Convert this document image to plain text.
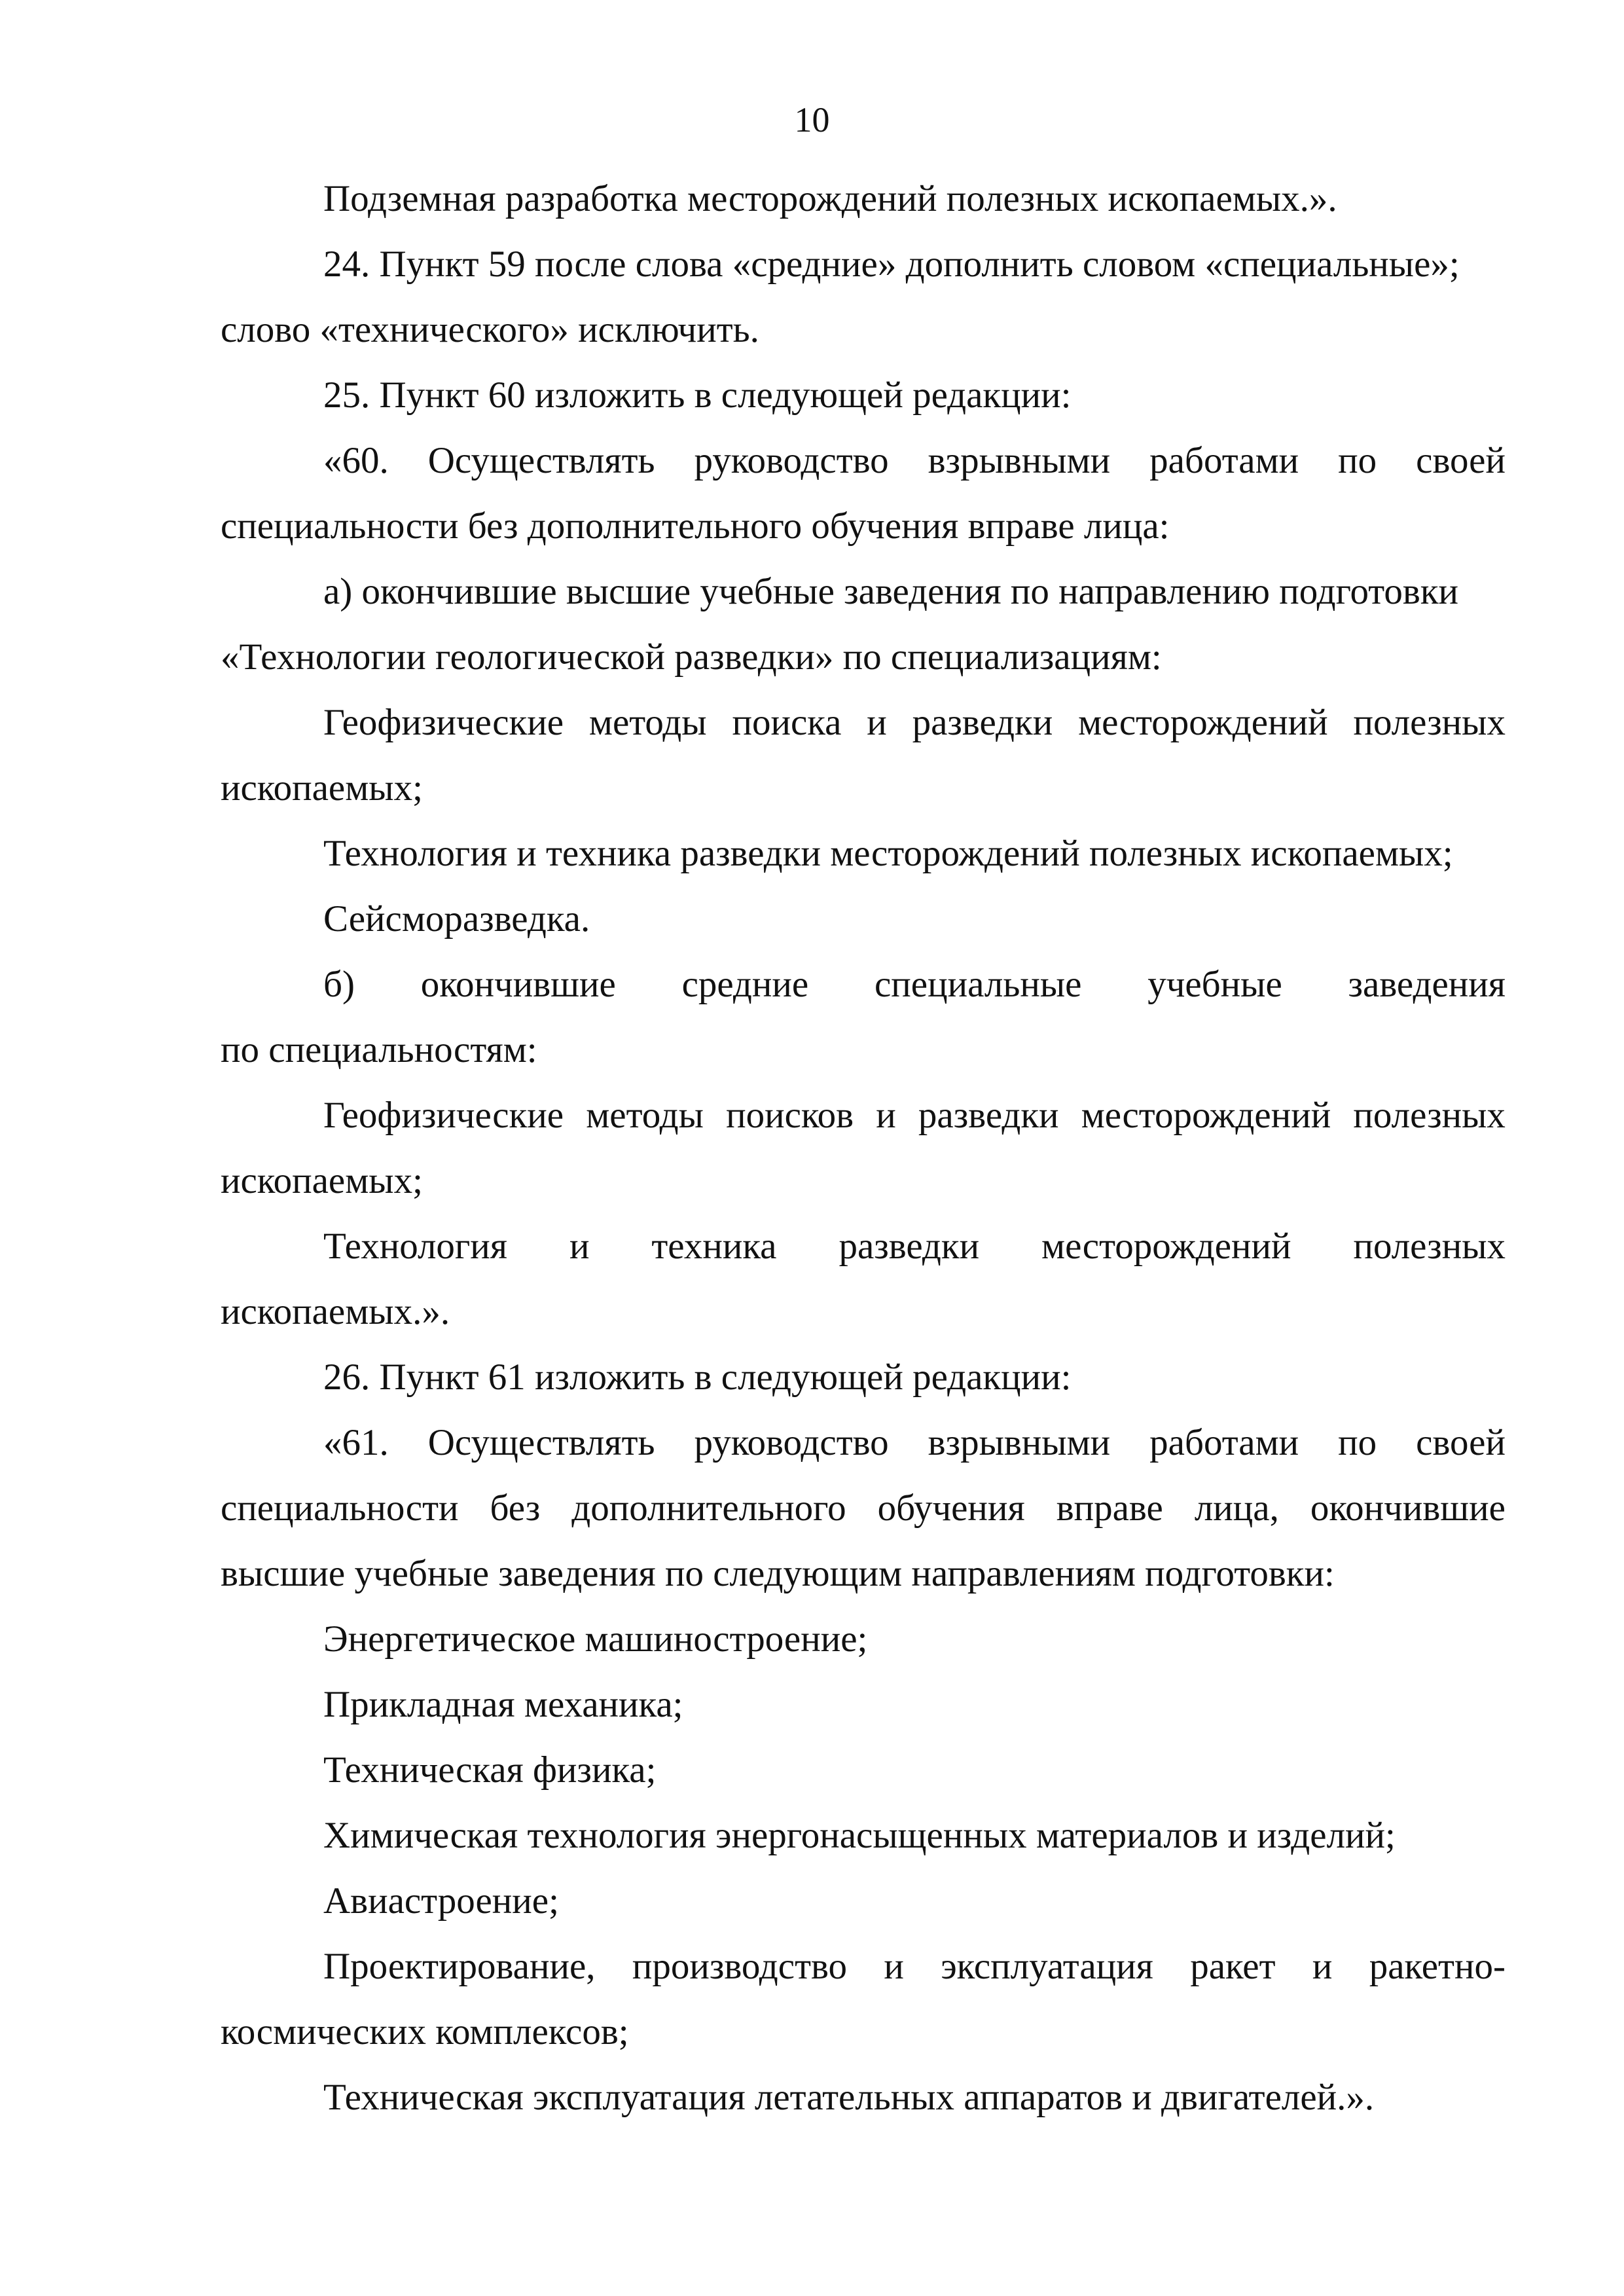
10
Подземная разработка месторождений полезных ископаемых.».
24. Пункт 59 после слова «средние» дополнить словом «специальные»;
слово «технического» исключить.
25. Пункт 60 изложить в следующей редакции:
«60. Осуществлять руководство взрывными работами по своей
специальности без дополнительного обучения вправе лица:
а) окончившие высшие учебные заведения по направлению подготовки
«Технологии геологической разведки» по специализациям:
Геофизические методы поиска и разведки месторождений полезных
ископаемых;
Технология и техника разведки месторождений полезных ископаемых;
Сейсморазведка.
б) окончившие средние специальные учебные заведения
по специальностям:
Геофизические методы поисков и разведки месторождений полезных
ископаемых;
Технология и техника разведки месторождений полезных
ископаемых.».
26. Пункт 61 изложить в следующей редакции:
«61. Осуществлять руководство взрывными работами по своей
специальности без дополнительного обучения вправе лица, окончившие
высшие учебные заведения по следующим направлениям подготовки:
Энергетическое машиностроение;
Прикладная механика;
Техническая физика;
Химическая технология энергонасыщенных материалов и изделий;
Авиастроение;
Проектирование, производство и эксплуатация ракет и ракетно-
космических комплексов;
Техническая эксплуатация летательных аппаратов и двигателей.».
